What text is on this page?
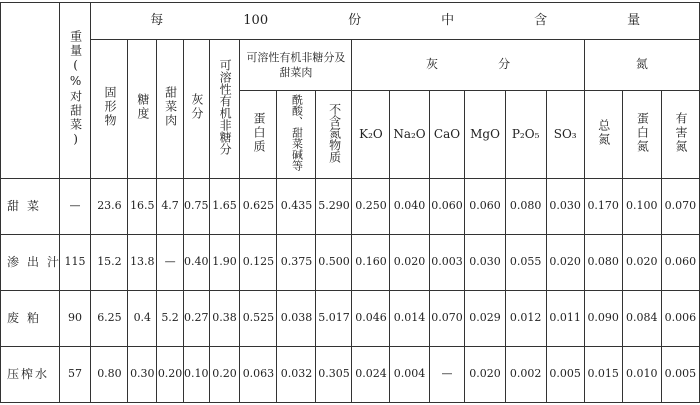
	重量(%对甜菜)	每 100 份 中 含 量																
		固形物	糖度	甜菜肉	灰分	可溶性有机非糖分	可溶性有机非糖分及甜菜肉			灰 分						氮		
							蛋白质	酰酸、甜菜碱等	不含氮物质	K₂O	Na₂O	CaO	MgO	P₂O₅	SO₃	总氮	蛋白氮	有害氮
甜菜	—	23.6	16.5	4.7	0.75	1.65	0.625	0.435	5.290	0.250	0.040	0.060	0.060	0.080	0.030	0.170	0.100	0.070
渗出汁	115	15.2	13.8	—	0.40	1.90	0.125	0.375	0.500	0.160	0.020	0.003	0.030	0.055	0.020	0.080	0.020	0.060
废粕	90	6.25	0.4	5.2	0.27	0.38	0.525	0.038	5.017	0.046	0.014	0.070	0.029	0.012	0.011	0.090	0.084	0.006
压榨水	57	0.80	0.30	0.20	0.10	0.20	0.063	0.032	0.305	0.024	0.004	—	0.020	0.002	0.005	0.015	0.010	0.005
